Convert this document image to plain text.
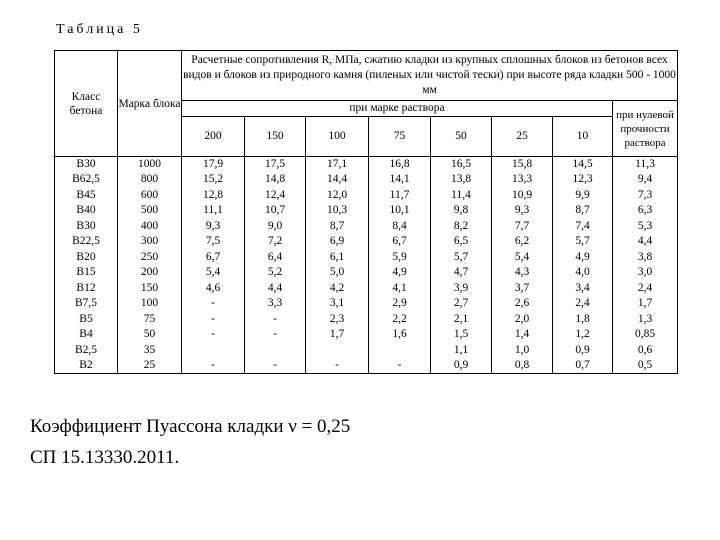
Таблица 5
Класс бетона	Марка блока	Расчетные сопротивления R, МПа, сжатию кладки из крупных сплошных блоков из бетонов всех видов и блоков из природного камня (пиленых или чистой тески) при высоте ряда кладки 500 - 1000 мм							
		при марке раствора							при нулевой прочности раствора
		200	150	100	75	50	25	10	
В30	1000	17,9	17,5	17,1	16,8	16,5	15,8	14,5	11,3
В62,5	800	15,2	14,8	14,4	14,1	13,8	13,3	12,3	9,4
В45	600	12,8	12,4	12,0	11,7	11,4	10,9	9,9	7,3
В40	500	11,1	10,7	10,3	10,1	9,8	9,3	8,7	6,3
В30	400	9,3	9,0	8,7	8,4	8,2	7,7	7,4	5,3
В22,5	300	7,5	7,2	6,9	6,7	6,5	6,2	5,7	4,4
В20	250	6,7	6,4	6,1	5,9	5,7	5,4	4,9	3,8
В15	200	5,4	5,2	5,0	4,9	4,7	4,3	4,0	3,0
В12	150	4,6	4,4	4,2	4,1	3,9	3,7	3,4	2,4
В7,5	100	-	3,3	3,1	2,9	2,7	2,6	2,4	1,7
В5	75	-	-	2,3	2,2	2,1	2,0	1,8	1,3
В4	50	-	-	1,7	1,6	1,5	1,4	1,2	0,85
В2,5	35					1,1	1,0	0,9	0,6
В2	25	-	-	-	-	0,9	0,8	0,7	0,5
Коэффициент Пуассона кладки ν = 0,25
СП 15.13330.2011.
